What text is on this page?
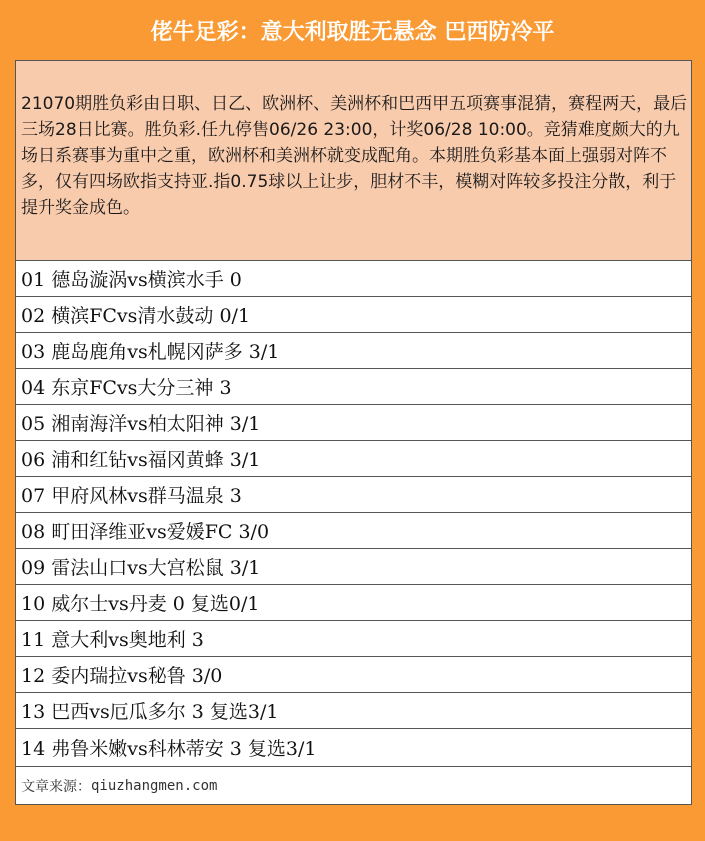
佬牛足彩：意大利取胜无悬念 巴西防冷平
21070期胜负彩由日职、日乙、欧洲杯、美洲杯和巴西甲五项赛事混猜，赛程两天，最后三场28日比赛。胜负彩.任九停售06/26 23:00，计奖06/28 10:00。竞猜难度颇大的九场日系赛事为重中之重，欧洲杯和美洲杯就变成配角。本期胜负彩基本面上强弱对阵不多，仅有四场欧指支持亚.指0.75球以上让步，胆材不丰，模糊对阵较多投注分散，利于提升奖金成色。
01 德岛漩涡vs横滨水手 0
02 横滨FCvs清水鼓动 0/1
03 鹿岛鹿角vs札幌冈萨多 3/1
04 东京FCvs大分三神 3
05 湘南海洋vs柏太阳神 3/1
06 浦和红钻vs福冈黄蜂 3/1
07 甲府风林vs群马温泉 3
08 町田泽维亚vs爱媛FC 3/0
09 雷法山口vs大宫松鼠 3/1
10 威尔士vs丹麦 0 复选0/1
11 意大利vs奥地利 3
12 委内瑞拉vs秘鲁 3/0
13 巴西vs厄瓜多尔 3 复选3/1
14 弗鲁米嫩vs科林蒂安 3 复选3/1
文章来源： qiuzhangmen.com
